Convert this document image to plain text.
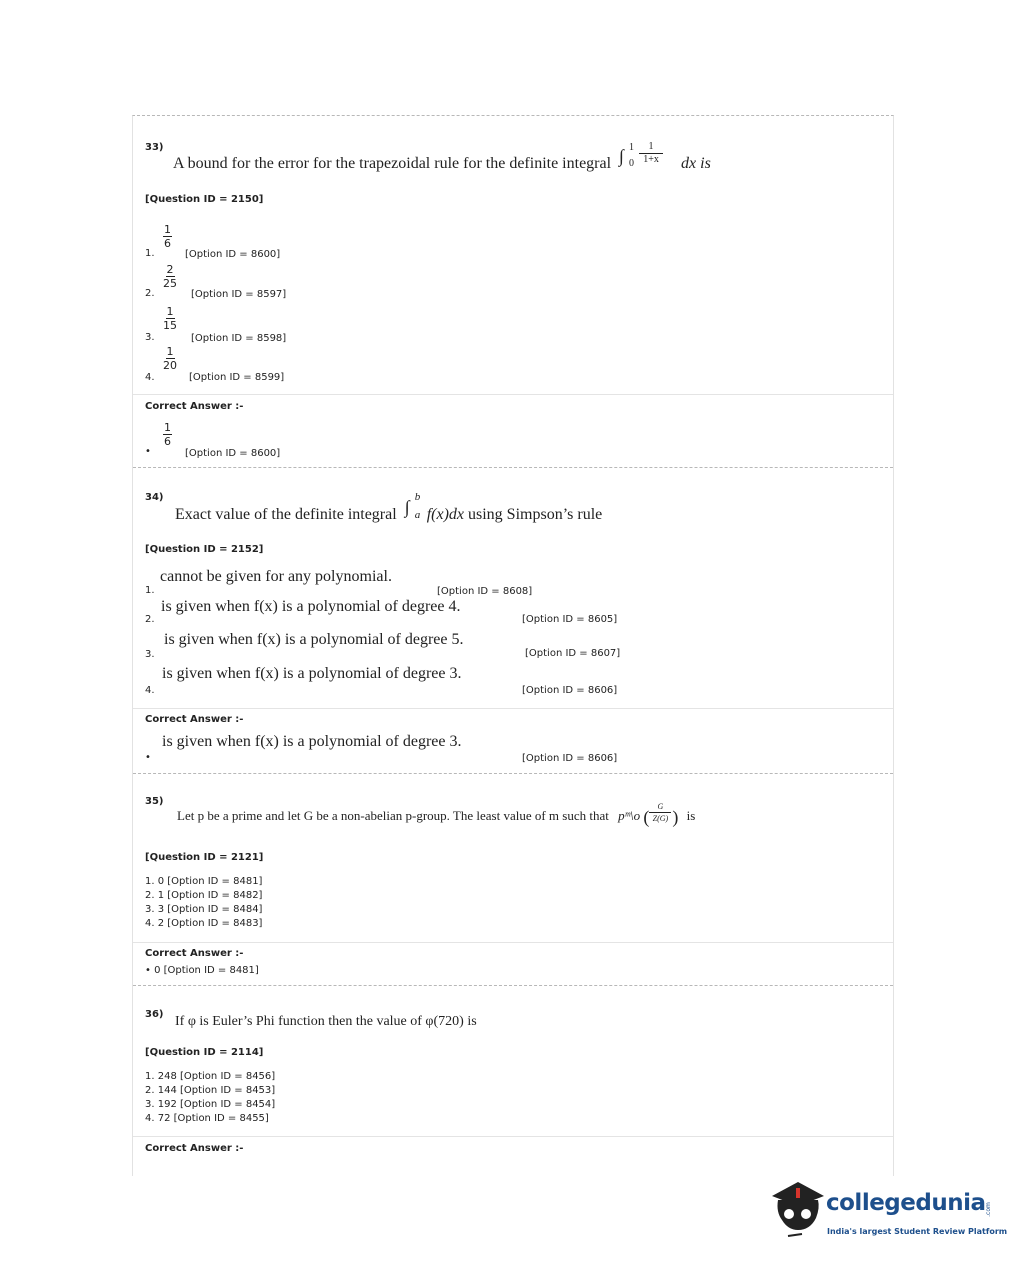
33)
A bound for the error for the trapezoidal rule for the definite integral ∫ 1
0
1
1+x dx is
[Question ID = 2150]
1.
1
6
[Option ID = 8600]
2.
2
25
[Option ID = 8597]
3.
1
15
[Option ID = 8598]
4.
1
20
[Option ID = 8599]
Correct Answer :-
•
1
6
[Option ID = 8600]
34)
Exact value of the definite integral ∫ b
a f(x)dx using Simpson’s rule
[Question ID = 2152]
1.
cannot be given for any polynomial.
[Option ID = 8608]
2.
is given when f(x) is a polynomial of degree 4.
[Option ID = 8605]
3.
is given when f(x) is a polynomial of degree 5.
[Option ID = 8607]
4.
is given when f(x) is a polynomial of degree 3.
[Option ID = 8606]
Correct Answer :-
•
is given when f(x) is a polynomial of degree 3.
[Option ID = 8606]
35)
Let p be a prime and let G be a non-abelian p-group. The least value of m such that pᵐ\o (
G
Z(G) ) is
[Question ID = 2121]
1. 0 [Option ID = 8481]
2. 1 [Option ID = 8482]
3. 3 [Option ID = 8484]
4. 2 [Option ID = 8483]
Correct Answer :-
• 0 [Option ID = 8481]
36) If φ is Euler’s Phi function then the value of φ(720) is
[Question ID = 2114]
1. 248 [Option ID = 8456]
2. 144 [Option ID = 8453]
3. 192 [Option ID = 8454]
4. 72 [Option ID = 8455]
Correct Answer :-
collegedunia .com
India's largest Student Review Platform
